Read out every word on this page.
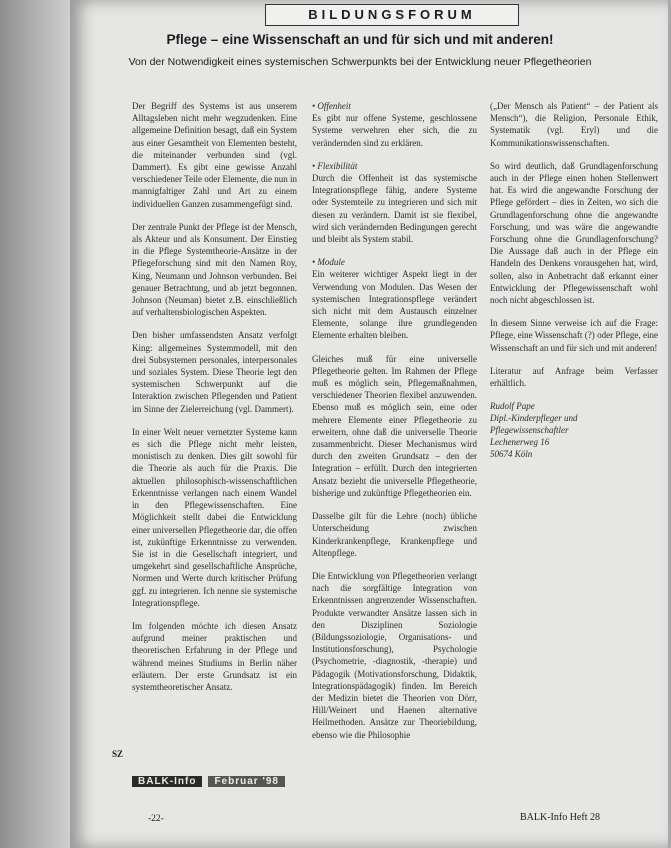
BILDUNGSFORUM
Pflege – eine Wissenschaft an und für sich und mit anderen!
Von der Notwendigkeit eines systemischen Schwerpunkts bei der Entwicklung neuer Pflegetheorien

Der Begriff des Systems ist aus unserem Alltagsleben nicht mehr wegzudenken. Eine allgemeine Definition besagt, daß ein System aus einer Gesamtheit von Elementen besteht, die miteinander verbunden sind (vgl. Dammert). Es gibt eine gewisse Anzahl verschiedener Teile oder Elemente, die nun in mannigfaltiger Zahl und Art zu einem individuellen Ganzen zusammengefügt sind.

Der zentrale Punkt der Pflege ist der Mensch, als Akteur und als Konsument. Der Einstieg in die Pflege Systemtheorie-Ansätze in der Pflegeforschung sind mit den Namen Roy, King, Neumann und Johnson verbunden. Bei genauer Betrachtung, und ab jetzt begonnen. Johnson (Neuman) bietet z.B. einschließlich auf verhaltensbiologischen Aspekten.

Den bisher umfassendsten Ansatz verfolgt King: allgemeines Systemmodell, mit den drei Subsystemen personales, interpersonales und soziales System. Diese Theorie legt den systemischen Schwerpunkt auf die Interaktion zwischen Pflegenden und Patient im Sinne der Zielerreichung (vgl. Dammert).

In einer Welt neuer vernetzter Systeme kann es sich die Pflege nicht mehr leisten, monistisch zu denken. Dies gilt sowohl für die Theorie als auch für die Praxis. Die aktuellen philosophisch-wissenschaftlichen Erkenntnisse verlangen nach einem Wandel in den Pflegewissenschaften. Eine Möglichkeit stellt dabei die Entwicklung einer universellen Pflegetheorie dar, die offen ist, zukünftige Erkenntnisse zu verwenden. Sie ist in die Gesellschaft integriert, und umgekehrt sind gesellschaftliche Ansprüche, Normen und Werte durch kritischer Prüfung ggf. zu integrieren. Ich nenne sie systemische Integrationspflege.

Im folgenden möchte ich diesen Ansatz aufgrund meiner praktischen und theoretischen Erfahrung in der Pflege und während meines Studiums in Berlin näher erläutern. Der erste Grundsatz ist ein systemtheoretischer Ansatz.

• Offenheit

Es gibt nur offene Systeme, geschlossene Systeme verwehren eher sich, die zu verändernden sind zu erklären.

• Flexibilität

Durch die Offenheit ist das systemische Integrationspflege fähig, andere Systeme oder Systemteile zu integrieren und sich mit diesen zu verändern. Damit ist sie flexibel, wird sich verändernden Bedingungen gerecht und bleibt als System stabil.

• Module

Ein weiterer wichtiger Aspekt liegt in der Verwendung von Modulen. Das Wesen der systemischen Integrationspflege verändert sich nicht mit dem Austausch einzelner Elemente, solange ihre grundlegenden Elemente erhalten bleiben.

Gleiches muß für eine universelle Pflegetheorie gelten. Im Rahmen der Pflege muß es möglich sein, Pflegemaßnahmen, verschiedener Theorien flexibel anzuwenden. Ebenso muß es möglich sein, eine oder mehrere Elemente einer Pflegetheorie zu erweitern, ohne daß die universelle Theorie zusammenbricht. Dieser Mechanismus wird durch den zweiten Grundsatz – den der Integration – erfüllt. Durch den integrierten Ansatz bezieht die universelle Pflegetheorie, bisherige und zukünftige Pflegetheorien ein.

Dasselbe gilt für die Lehre (noch) übliche Unterscheidung zwischen Kinderkrankenpflege, Krankenpflege und Altenpflege.

Die Entwicklung von Pflegetheorien verlangt nach die sorgfältige Integration von Erkenntnissen angrenzender Wissenschaften. Produkte verwandter Ansätze lassen sich in den Disziplinen Soziologie (Bildungssoziologie, Organisations- und Institutionsforschung), Psychologie (Psychometrie, -diagnostik, -therapie) und Pädagogik (Motivationsforschung, Didaktik, Integrationspädagogik) finden. Im Bereich der Medizin bietet die Theorien von Dörr, Hill/Weinert und Haenen alternative Heilmethoden. Ansätze zur Theoriebildung, ebenso wie die Philosophie

(„Der Mensch als Patient“ – der Patient als Mensch“), die Religion, Personale Ethik, Systematik (vgl. Eryl) und die Kommunikationswissenschaften.

So wird deutlich, daß Grundlagenforschung auch in der Pflege einen hohen Stellenwert hat. Es wird die angewandte Forschung der Pflege gefördert – dies in Zeiten, wo sich die Grundlagenforschung ohne die angewandte Forschung, und was wäre die angewandte Forschung ohne die Grundlagenforschung? Die Aussage daß auch in der Pflege ein Handeln des Denkens vorausgehen hat, wird, sollen, also in Anbetracht daß erkannt einer Entwicklung der Pflegewissenschaft wohl noch nicht abgeschlossen ist.

In diesem Sinne verweise ich auf die Frage: Pflege, eine Wissenschaft (?) oder Pflege, eine Wissenschaft an und für sich und mit anderen!

Literatur auf Anfrage beim Verfasser erhältlich.

Rudolf Pape
Dipl.-Kinderpfleger und
Pflegewissenschaftler
Lechenerweg 16
50674 Köln
SZ
BALK-Info	Februar '98
-22-	BALK-Info Heft 28
